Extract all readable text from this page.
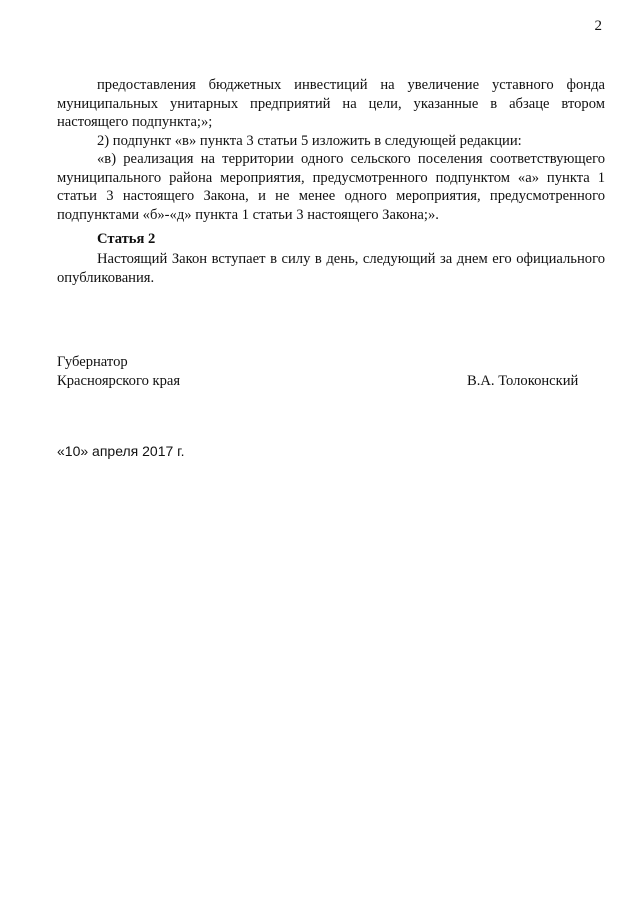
2

предоставления бюджетных инвестиций на увеличение уставного фонда муниципальных унитарных предприятий на цели, указанные в абзаце втором настоящего подпункта;»;

2) подпункт «в» пункта 3 статьи 5 изложить в следующей редакции:

«в) реализация на территории одного сельского поселения соответствующего муниципального района мероприятия, предусмотренного подпунктом «а» пункта 1 статьи 3 настоящего Закона, и не менее одного мероприятия, предусмотренного подпунктами «б»-«д» пункта 1 статьи 3 настоящего Закона;».

Статья 2

Настоящий Закон вступает в силу в день, следующий за днем его официального опубликования.

Губернатор
Красноярского края	В.А. Толоконский
«10» апреля 2017 г.
